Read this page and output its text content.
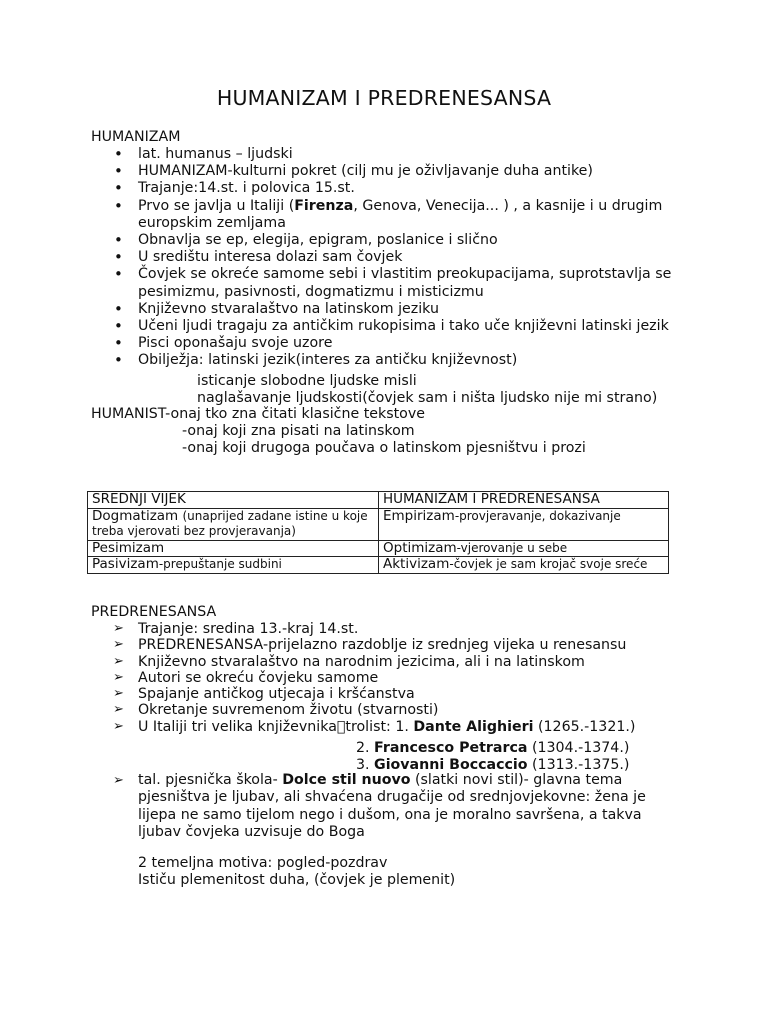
HUMANIZAM I PREDRENESANSA

HUMANIZAM

• lat. humanus – ljudski
• HUMANIZAM-kulturni pokret (cilj mu je oživljavanje duha antike)
• Trajanje:14.st. i polovica 15.st.
• Prvo se javlja u Italiji (Firenza, Genova, Venecija... ) , a kasnije i u drugim europskim zemljama
• Obnavlja se ep, elegija, epigram, poslanice i slično
• U središtu interesa dolazi sam čovjek
• Čovjek se okreće samome sebi i vlastitim preokupacijama, suprotstavlja se pesimizmu, pasivnosti, dogmatizmu i misticizmu
• Književno stvaralaštvo na latinskom jeziku
• Učeni ljudi tragaju za antičkim rukopisima i tako uče književni latinski jezik
• Pisci oponašaju svoje uzore
• Obilježja: latinski jezik(interes za antičku književnost)

isticanje slobodne ljudske misli

naglašavanje ljudskosti(čovjek sam i ništa ljudsko nije mi strano)

HUMANIST-onaj tko zna čitati klasične tekstove

-onaj koji zna pisati na latinskom

-onaj koji drugoga poučava o latinskom pjesništvu i prozi

SREDNJI VIJEK	HUMANIZAM I PREDRENESANSA
Dogmatizam (unaprijed zadane istine u koje treba vjerovati bez provjeravanja)	Empirizam-provjeravanje, dokazivanje
Pesimizam	Optimizam-vjerovanje u sebe
Pasivizam-prepuštanje sudbini	Aktivizam-čovjek je sam krojač svoje sreće

PREDRENESANSA

➢ Trajanje: sredina 13.-kraj 14.st.
➢ PREDRENESANSA-prijelazno razdoblje iz srednjeg vijeka u renesansu
➢ Književno stvaralaštvo na narodnim jezicima, ali i na latinskom
➢ Autori se okreću čovjeku samome
➢ Spajanje antičkog utjecaja i kršćanstva
➢ Okretanje suvremenom životu (stvarnosti)
➢ U Italiji tri velika književnikatrolist: 1. Dante Alighieri (1265.-1321.)

2. Francesco Petrarca (1304.-1374.)

3. Giovanni Boccaccio (1313.-1375.)

➢ tal. pjesnička škola- Dolce stil nuovo (slatki novi stil)- glavna tema pjesništva je ljubav, ali shvaćena drugačije od srednjovjekovne: žena je lijepa ne samo tijelom nego i dušom, ona je moralno savršena, a takva ljubav čovjeka uzvisuje do Boga

2 temeljna motiva: pogled-pozdrav

Ističu plemenitost duha, (čovjek je plemenit)
